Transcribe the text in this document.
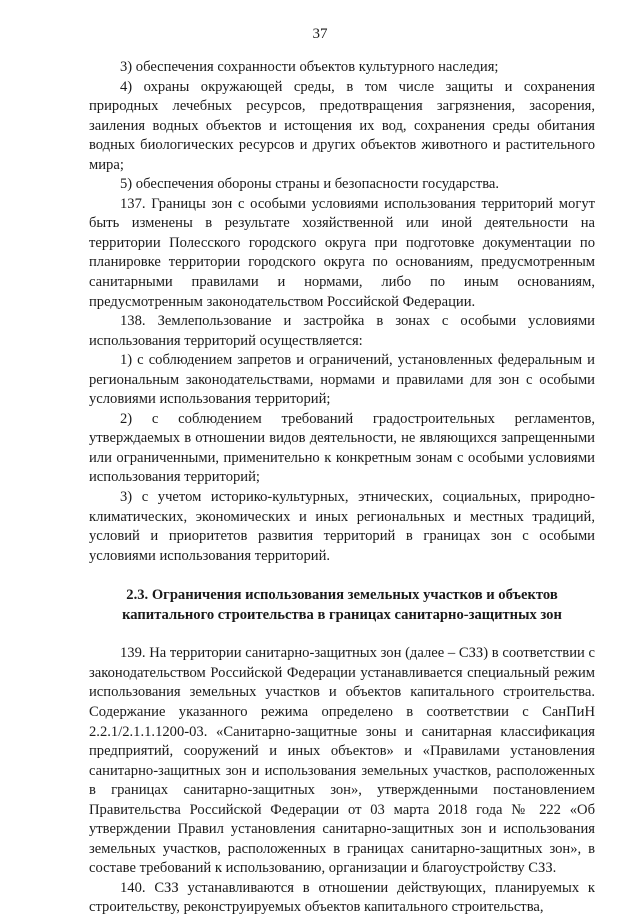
37

3) обеспечения сохранности объектов культурного наследия;

4) охраны окружающей среды, в том числе защиты и сохранения природных лечебных ресурсов, предотвращения загрязнения, засорения, заиления водных объектов и истощения их вод, сохранения среды обитания водных биологических ресурсов и других объектов животного и растительного мира;

5) обеспечения обороны страны и безопасности государства.

137. Границы зон с особыми условиями использования территорий могут быть изменены в результате хозяйственной или иной деятельности на территории Полесского городского округа при подготовке документации по планировке территории городского округа по основаниям, предусмотренным санитарными правилами и нормами, либо по иным основаниям, предусмотренным законодательством Российской Федерации.

138. Землепользование и застройка в зонах с особыми условиями использования территорий осуществляется:

1) с соблюдением запретов и ограничений, установленных федеральным и региональным законодательствами, нормами и правилами для зон с особыми условиями использования территорий;

2) с соблюдением требований градостроительных регламентов, утверждаемых в отношении видов деятельности, не являющихся запрещенными или ограниченными, применительно к конкретным зонам с особыми условиями использования территорий;

3) с учетом историко-культурных, этнических, социальных, природно-климатических, экономических и иных региональных и местных традиций, условий и приоритетов развития территорий в границах зон с особыми условиями использования территорий.

2.3. Ограничения использования земельных участков и объектов капитального строительства в границах санитарно-защитных зон

139. На территории санитарно-защитных зон (далее – СЗЗ) в соответствии с законодательством Российской Федерации устанавливается специальный режим использования земельных участков и объектов капитального строительства. Содержание указанного режима определено в соответствии с СанПиН 2.2.1/2.1.1.1200-03. «Санитарно-защитные зоны и санитарная классификация предприятий, сооружений и иных объектов» и «Правилами установления санитарно-защитных зон и использования земельных участков, расположенных в границах санитарно-защитных зон», утвержденными постановлением Правительства Российской Федерации от 03 марта 2018 года № 222 «Об утверждении Правил установления санитарно-защитных зон и использования земельных участков, расположенных в границах санитарно-защитных зон», в составе требований к использованию, организации и благоустройству СЗЗ.

140. СЗЗ устанавливаются в отношении действующих, планируемых к строительству, реконструируемых объектов капитального строительства,
